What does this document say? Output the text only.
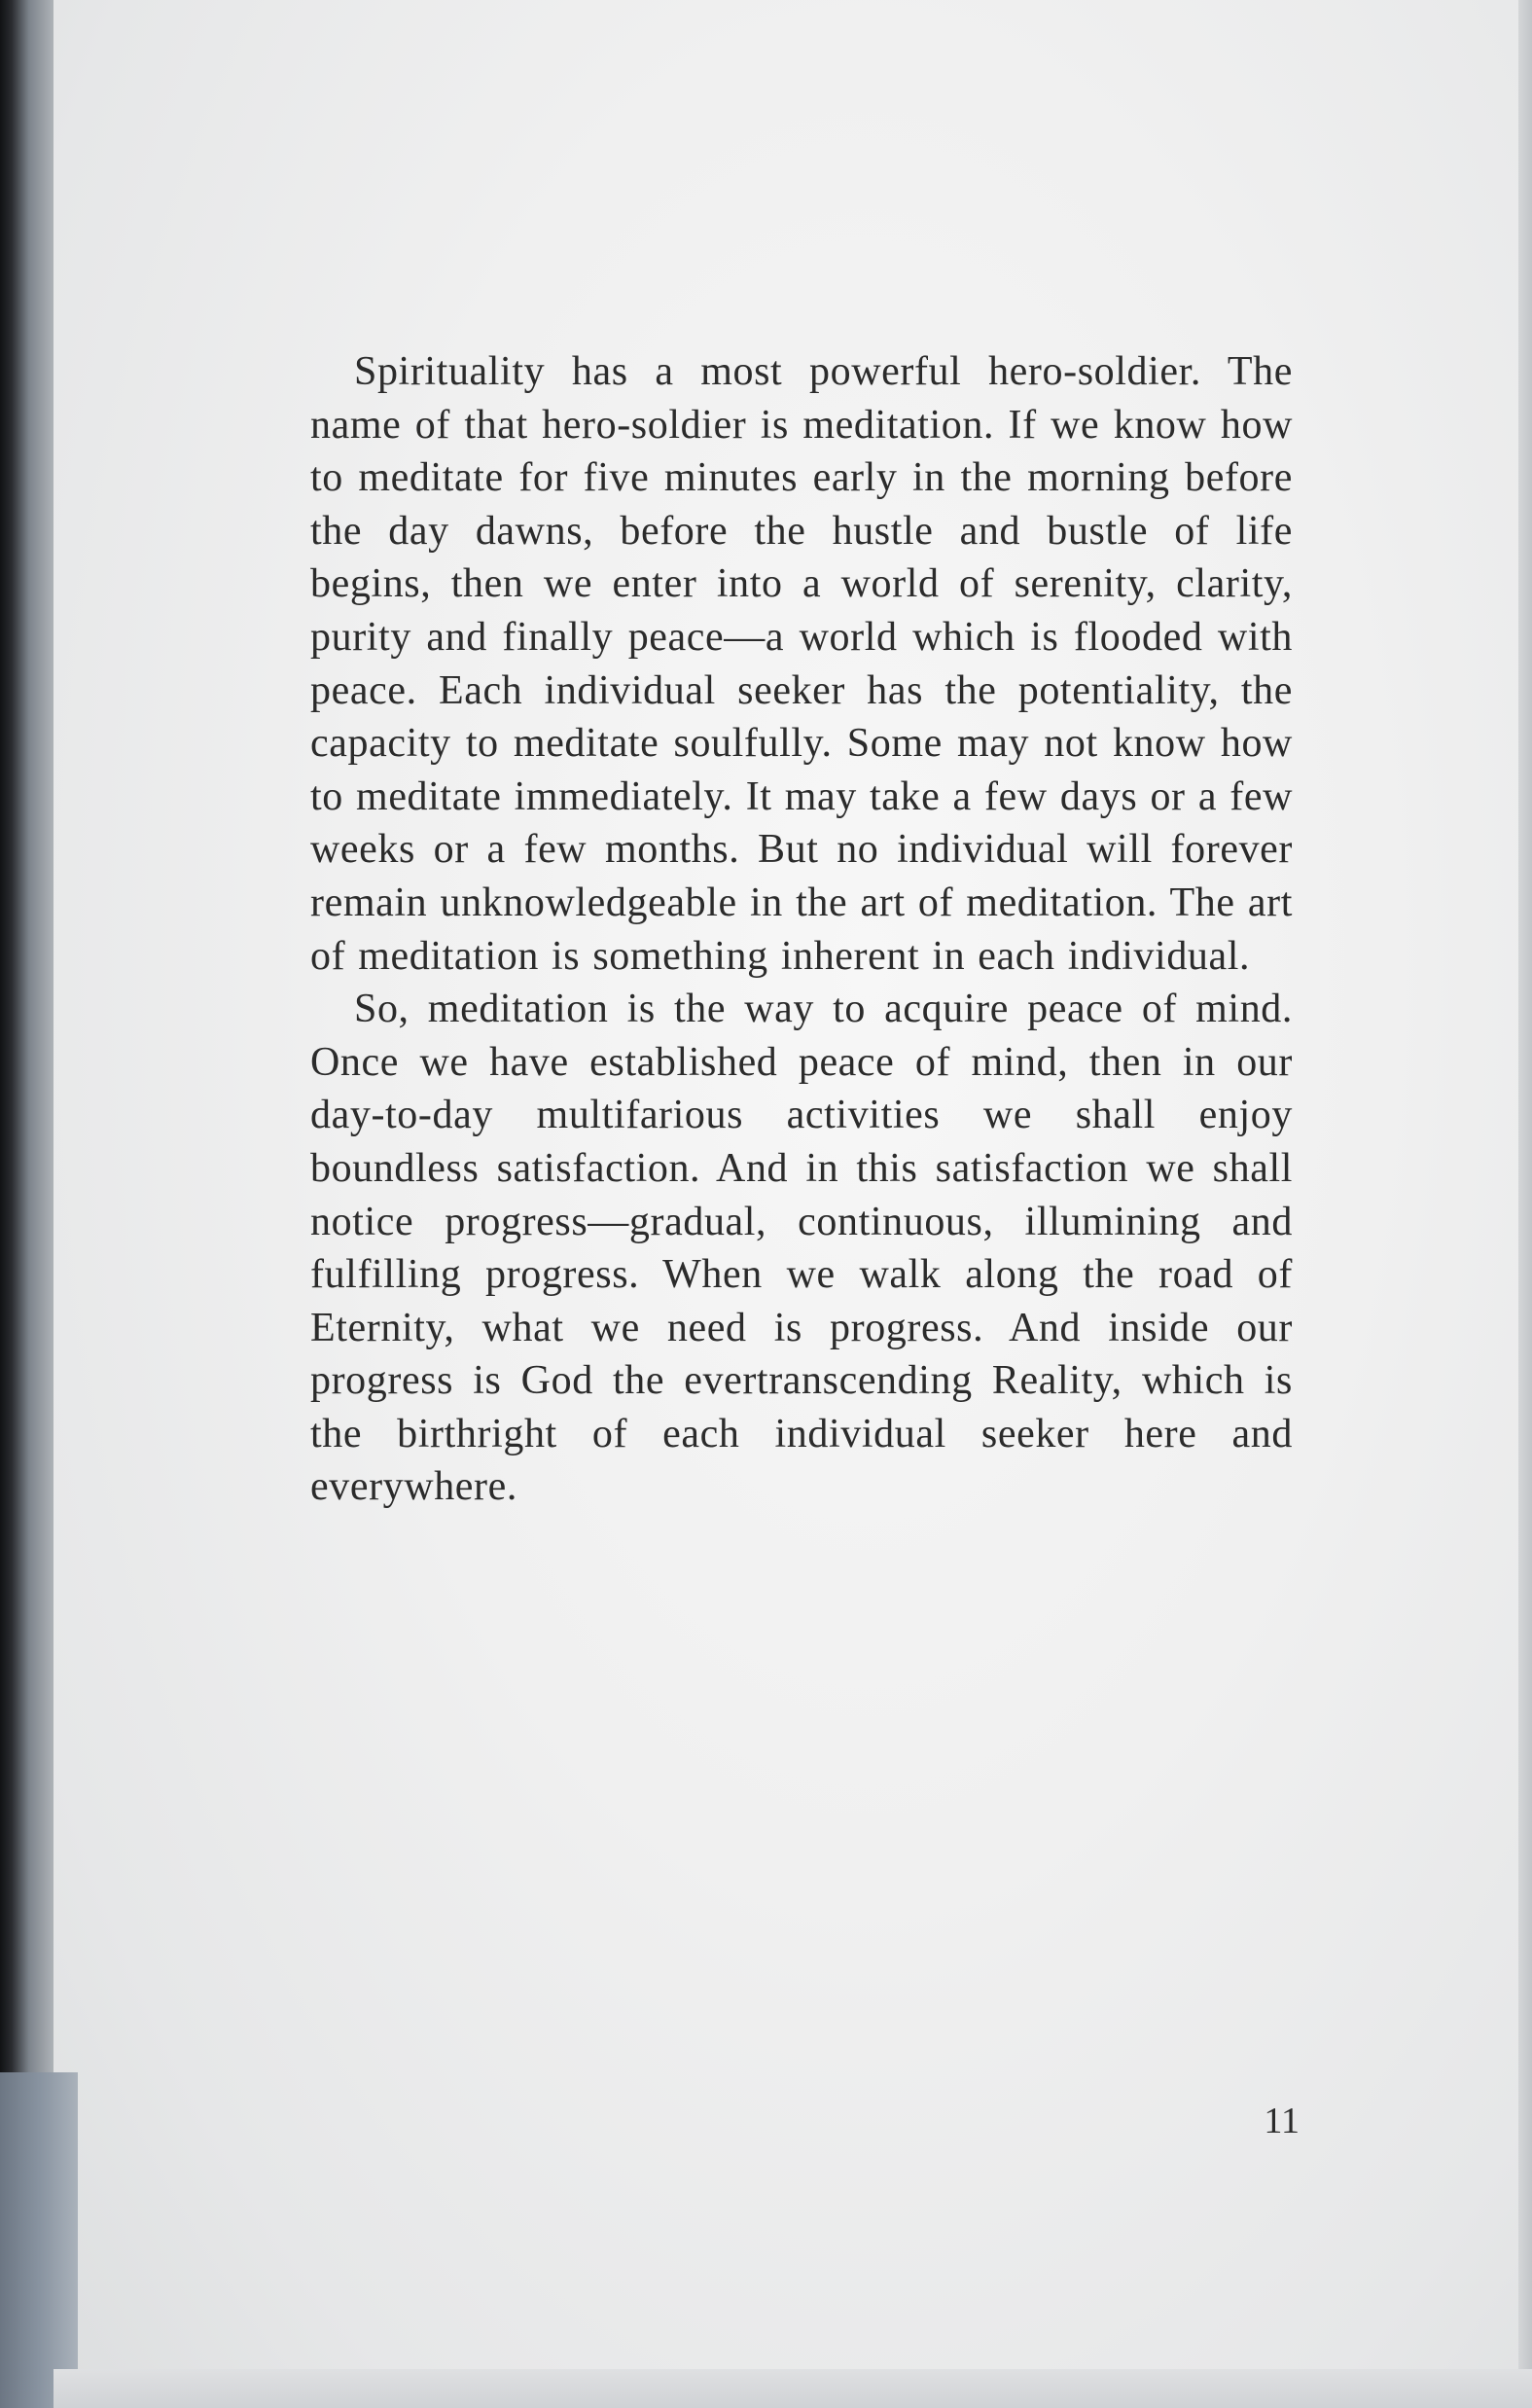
Spirituality has a most powerful hero-soldier. The name of that hero-soldier is meditation. If we know how to meditate for five minutes early in the morning before the day dawns, before the hustle and bustle of life begins, then we enter into a world of serenity, clarity, purity and finally peace—a world which is flooded with peace. Each individual seeker has the potentiality, the capacity to meditate soulfully. Some may not know how to meditate immediately. It may take a few days or a few weeks or a few months. But no individual will forever remain unknowledgeable in the art of meditation. The art of meditation is something inherent in each individual.

So, meditation is the way to acquire peace of mind. Once we have established peace of mind, then in our day-to-day multifarious activities we shall enjoy boundless satisfaction. And in this satisfaction we shall notice progress—gradual, continuous, illumining and fulfilling progress. When we walk along the road of Eternity, what we need is progress. And inside our progress is God the evertranscending Reality, which is the birthright of each individual seeker here and everywhere.

11
